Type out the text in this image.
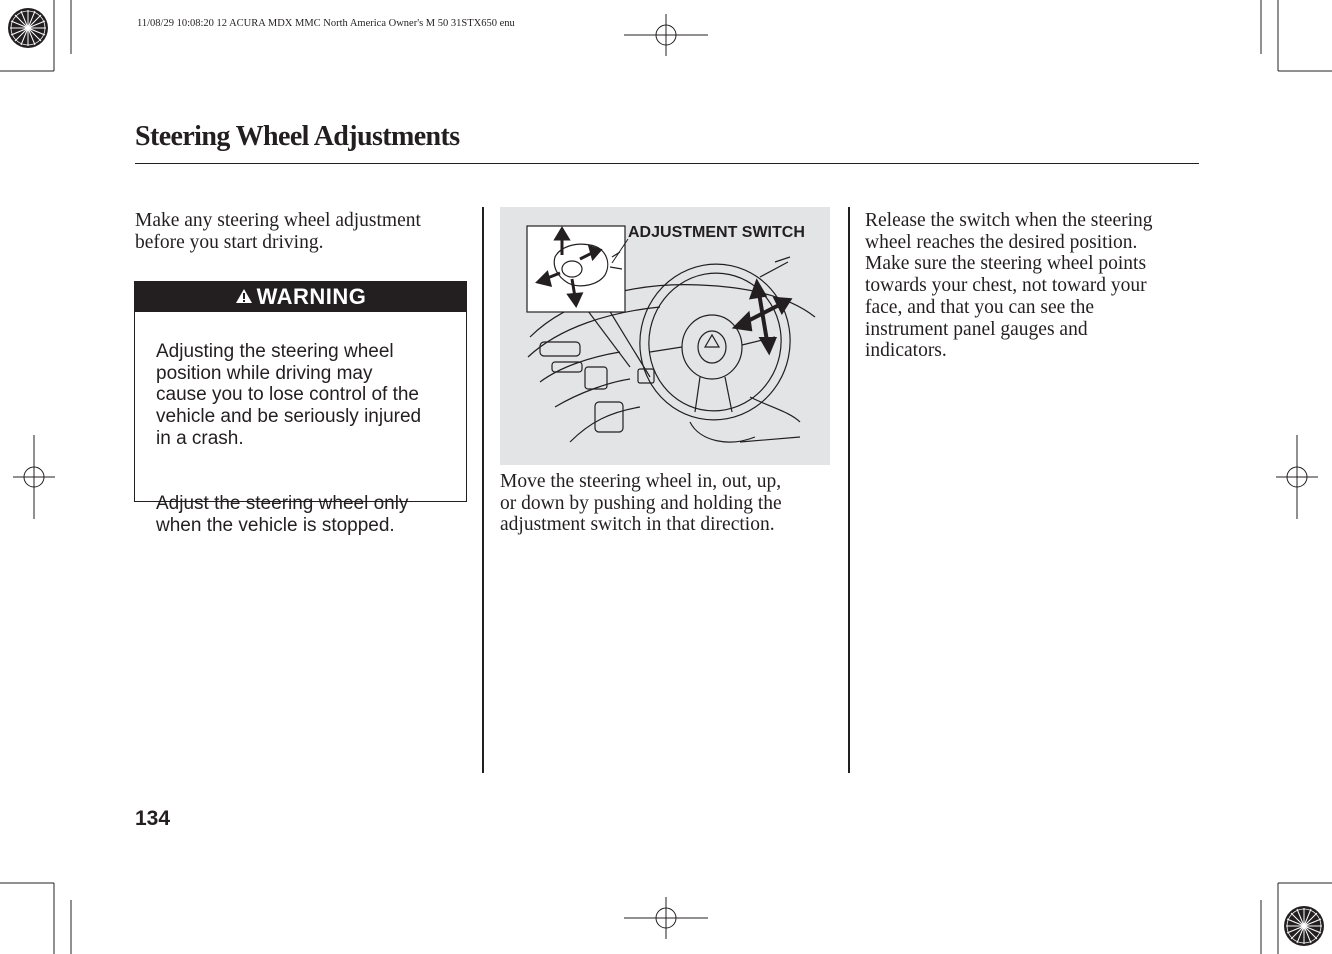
11/08/29 10:08:20 12 ACURA MDX MMC North America Owner's M 50 31STX650 enu
Steering Wheel Adjustments
Make any steering wheel adjustment
before you start driving.
WARNING

Adjusting the steering wheel
position while driving may
cause you to lose control of the
vehicle and be seriously injured
in a crash.

Adjust the steering wheel only
when the vehicle is stopped.

ADJUSTMENT SWITCH
Move the steering wheel in, out, up,
or down by pushing and holding the
adjustment switch in that direction.
Release the switch when the steering
wheel reaches the desired position.
Make sure the steering wheel points
towards your chest, not toward your
face, and that you can see the
instrument panel gauges and
indicators.
134
